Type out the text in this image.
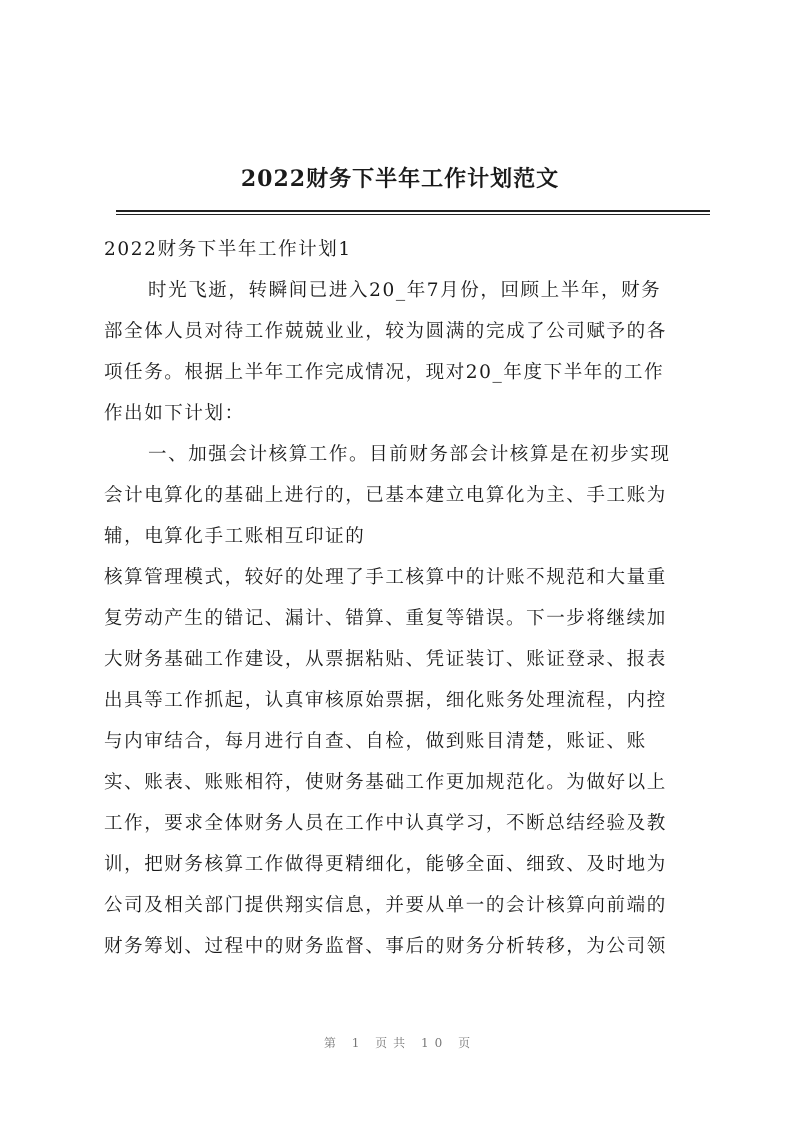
2022财务下半年工作计划范文
2022财务下半年工作计划1
时光飞逝，转瞬间已进入20_年7月份，回顾上半年，财务
部全体人员对待工作兢兢业业，较为圆满的完成了公司赋予的各
项任务。根据上半年工作完成情况，现对20_年度下半年的工作
作出如下计划：
一、加强会计核算工作。目前财务部会计核算是在初步实现
会计电算化的基础上进行的，已基本建立电算化为主、手工账为
辅，电算化手工账相互印证的
核算管理模式，较好的处理了手工核算中的计账不规范和大量重
复劳动产生的错记、漏计、错算、重复等错误。下一步将继续加
大财务基础工作建设，从票据粘贴、凭证装订、账证登录、报表
出具等工作抓起，认真审核原始票据，细化账务处理流程，内控
与内审结合，每月进行自查、自检，做到账目清楚，账证、账
实、账表、账账相符，使财务基础工作更加规范化。为做好以上
工作，要求全体财务人员在工作中认真学习，不断总结经验及教
训，把财务核算工作做得更精细化，能够全面、细致、及时地为
公司及相关部门提供翔实信息，并要从单一的会计核算向前端的
财务筹划、过程中的财务监督、事后的财务分析转移，为公司领
第 1 页共 10 页
